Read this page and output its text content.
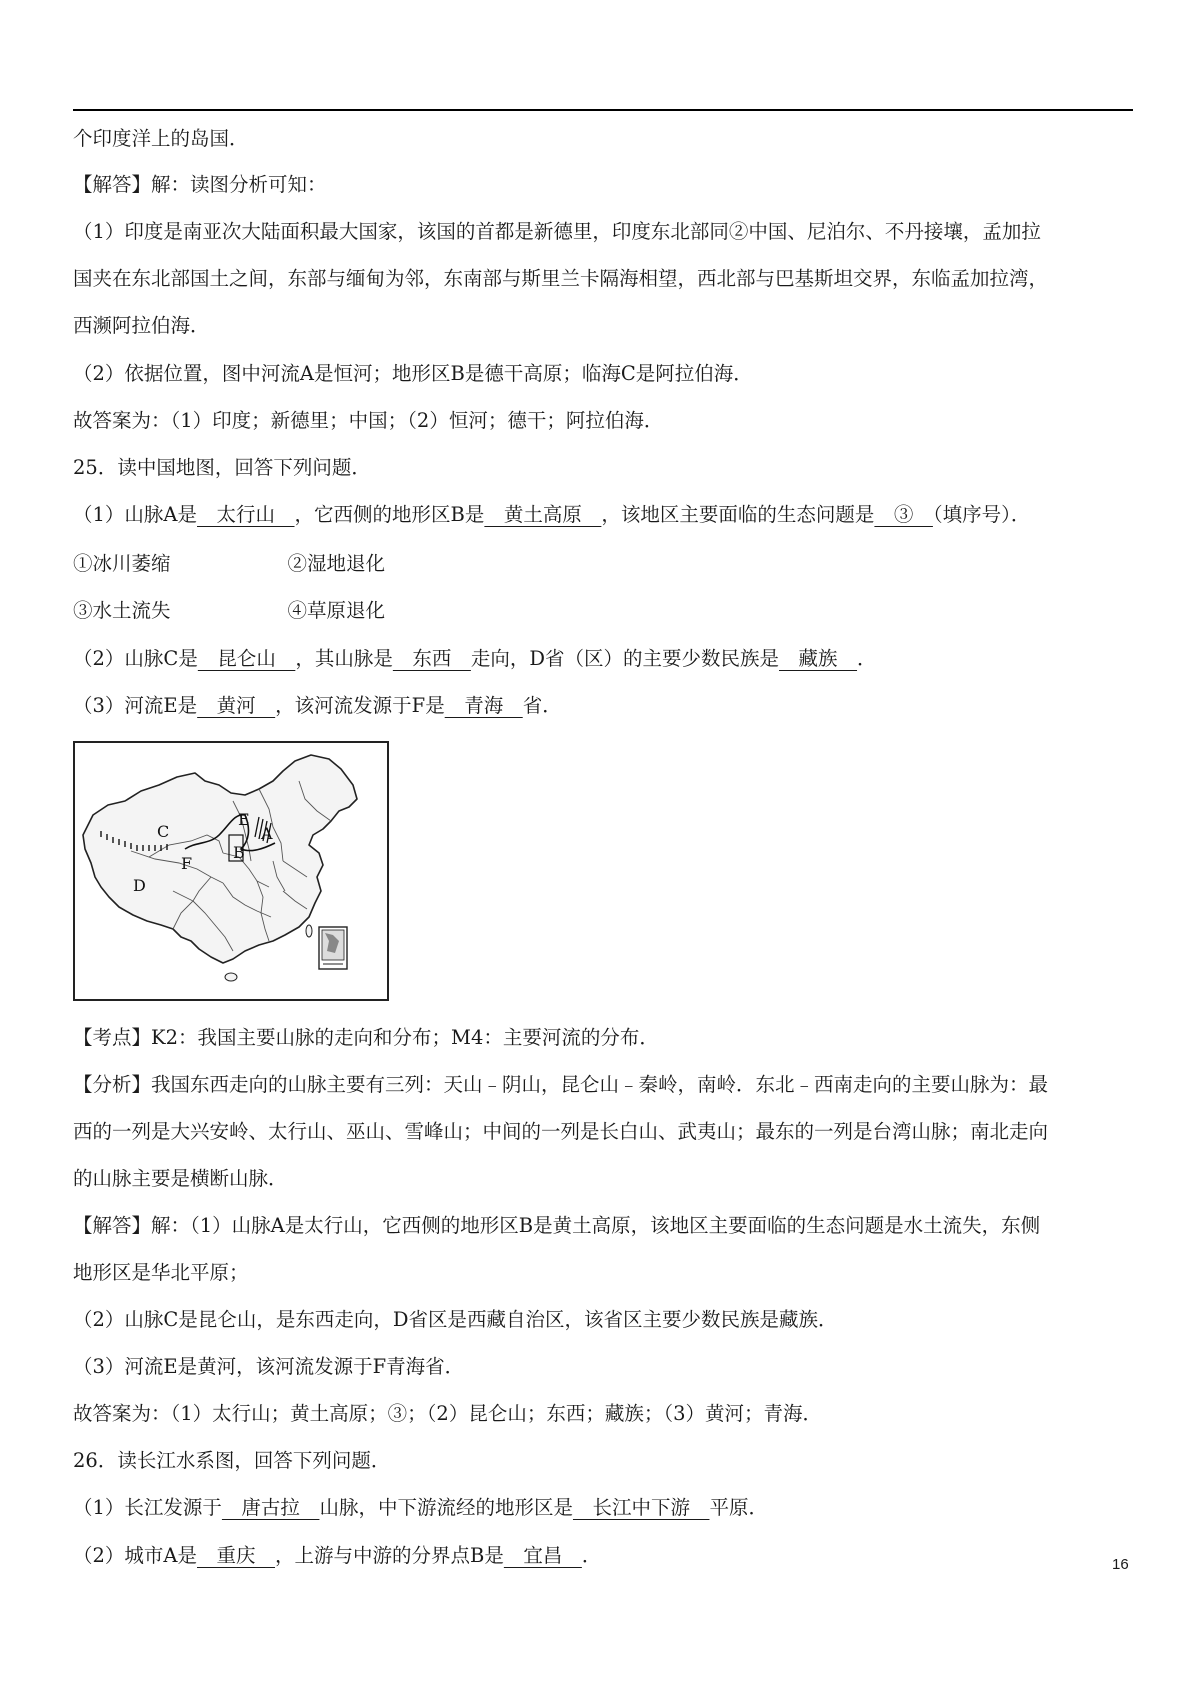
个印度洋上的岛国．
【解答】解：读图分析可知：
（1）印度是南亚次大陆面积最大国家，该国的首都是新德里，印度东北部同②中国、尼泊尔、不丹接壤，孟加拉
国夹在东北部国土之间，东部与缅甸为邻，东南部与斯里兰卡隔海相望，西北部与巴基斯坦交界，东临孟加拉湾，
西濒阿拉伯海．
（2）依据位置，图中河流A是恒河；地形区B是德干高原；临海C是阿拉伯海．
故答案为：（1）印度；新德里；中国；（2）恒河；德干；阿拉伯海．
25．读中国地图，回答下列问题．
（1）山脉A是　太行山　，它西侧的地形区B是　黄土高原　，该地区主要面临的生态问题是　③　（填序号）．
①冰川萎缩　　　　　　②湿地退化
③水土流失　　　　　　④草原退化
（2）山脉C是　昆仑山　，其山脉是　东西　走向，D省（区）的主要少数民族是　藏族　．
（3）河流E是　黄河　，该河流发源于F是　青海　省．
【考点】K2：我国主要山脉的走向和分布；M4：主要河流的分布．
【分析】我国东西走向的山脉主要有三列：天山﹣阴山，昆仑山﹣秦岭，南岭．东北﹣西南走向的主要山脉为：最
西的一列是大兴安岭、太行山、巫山、雪峰山；中间的一列是长白山、武夷山；最东的一列是台湾山脉；南北走向
的山脉主要是横断山脉．
【解答】解：（1）山脉A是太行山，它西侧的地形区B是黄土高原，该地区主要面临的生态问题是水土流失，东侧
地形区是华北平原；
（2）山脉C是昆仑山，是东西走向，D省区是西藏自治区，该省区主要少数民族是藏族．
（3）河流E是黄河，该河流发源于F青海省．
故答案为：（1）太行山；黄土高原；③；（2）昆仑山；东西；藏族；（3）黄河；青海．
26．读长江水系图，回答下列问题．
（1）长江发源于　唐古拉　山脉，中下游流经的地形区是　长江中下游　平原．
（2）城市A是　重庆　，上游与中游的分界点B是　宜昌　．
C
D
F
B
E
A
16
